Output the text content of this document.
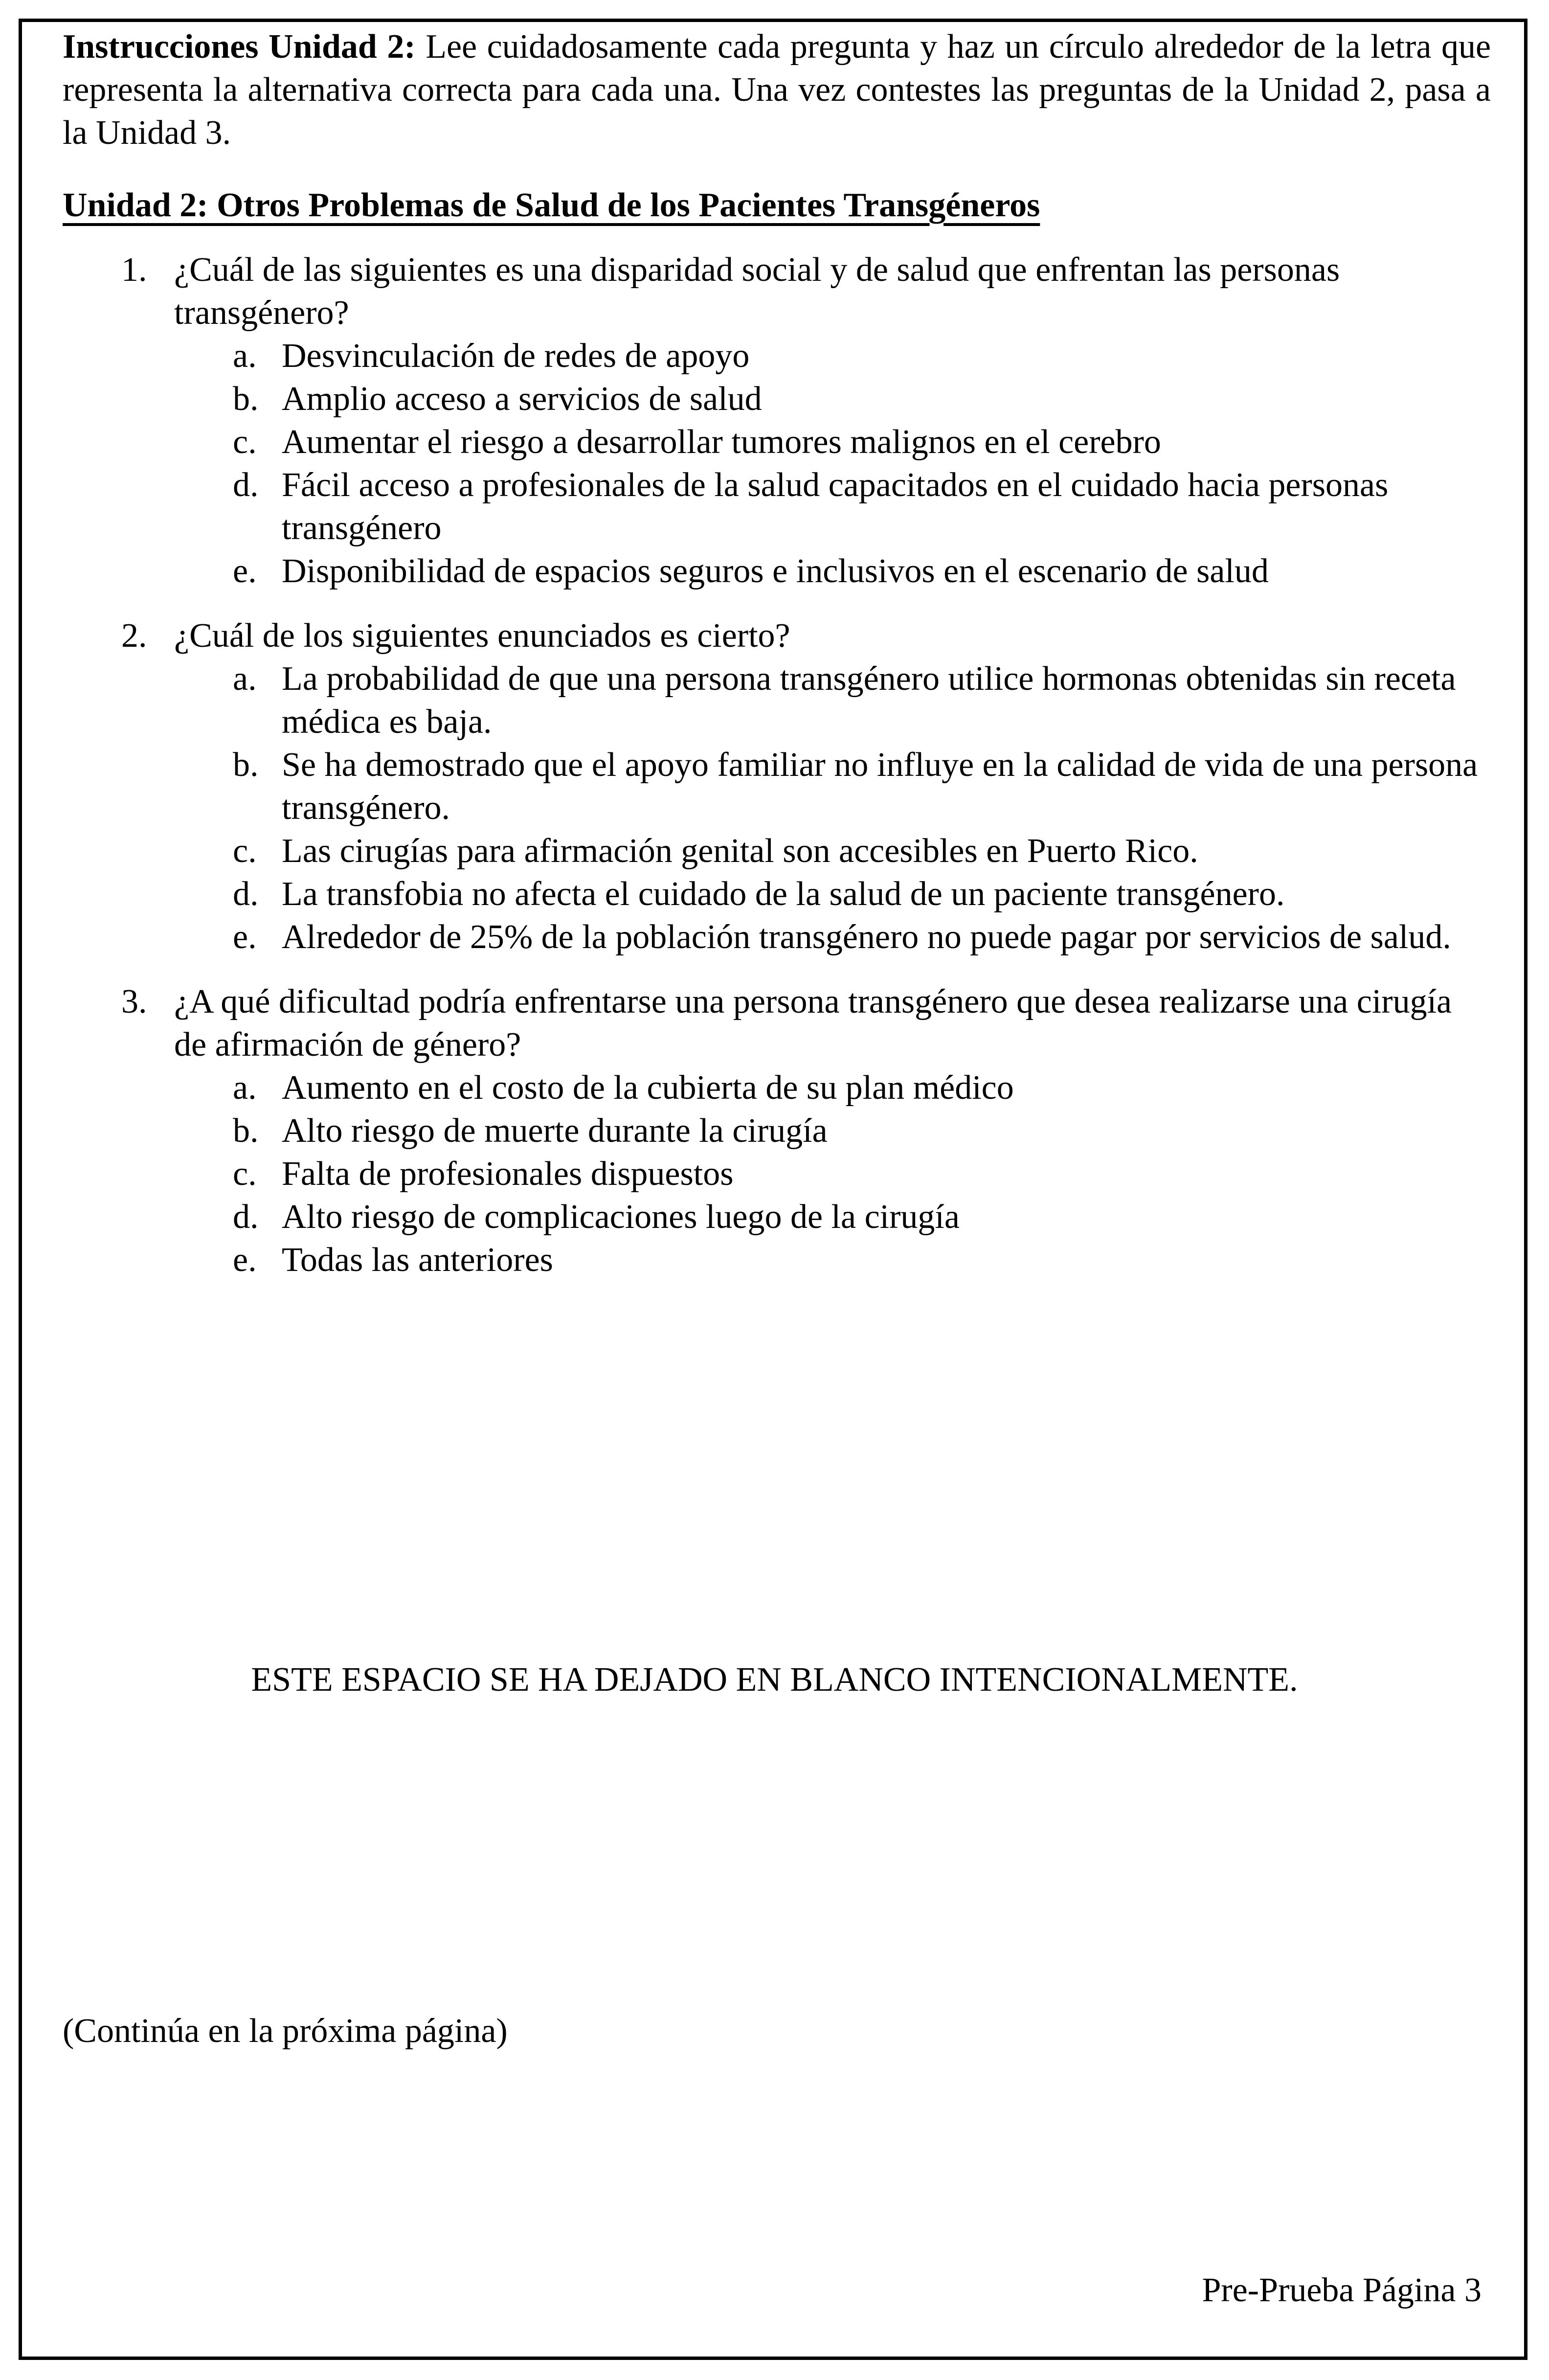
Instrucciones Unidad 2: Lee cuidadosamente cada pregunta y haz un círculo alrededor de la letra que representa la alternativa correcta para cada una. Una vez contestes las preguntas de la Unidad 2, pasa a la Unidad 3.

Unidad 2: Otros Problemas de Salud de los Pacientes Transgéneros

1. ¿Cuál de las siguientes es una disparidad social y de salud que enfrentan las personas transgénero?
a. Desvinculación de redes de apoyo
b. Amplio acceso a servicios de salud
c. Aumentar el riesgo a desarrollar tumores malignos en el cerebro
d. Fácil acceso a profesionales de la salud capacitados en el cuidado hacia personas transgénero
e. Disponibilidad de espacios seguros e inclusivos en el escenario de salud
2. ¿Cuál de los siguientes enunciados es cierto?
a. La probabilidad de que una persona transgénero utilice hormonas obtenidas sin receta médica es baja.
b. Se ha demostrado que el apoyo familiar no influye en la calidad de vida de una persona transgénero.
c. Las cirugías para afirmación genital son accesibles en Puerto Rico.
d. La transfobia no afecta el cuidado de la salud de un paciente transgénero.
e. Alrededor de 25% de la población transgénero no puede pagar por servicios de salud.
3. ¿A qué dificultad podría enfrentarse una persona transgénero que desea realizarse una cirugía de afirmación de género?
a. Aumento en el costo de la cubierta de su plan médico
b. Alto riesgo de muerte durante la cirugía
c. Falta de profesionales dispuestos
d. Alto riesgo de complicaciones luego de la cirugía
e. Todas las anteriores
ESTE ESPACIO SE HA DEJADO EN BLANCO INTENCIONALMENTE.
(Continúa en la próxima página)
Pre-Prueba Página 3
